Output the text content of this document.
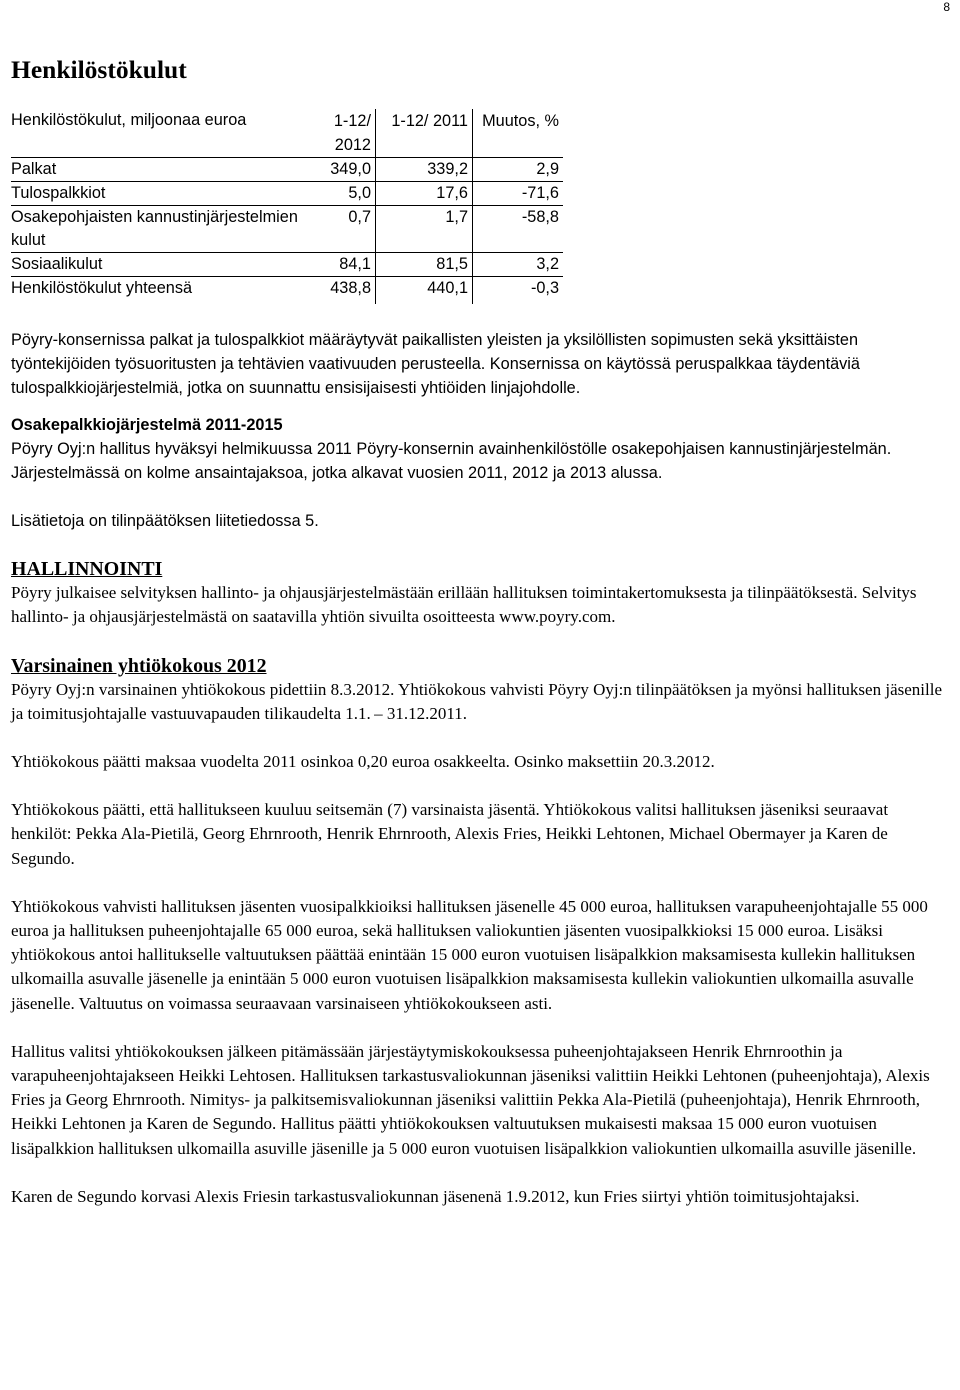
8
Henkilöstökulut
Henkilöstökulut, miljoonaa euroa	1-12/ 2012	1-12/ 2011	Muutos, %
Palkat	349,0	339,2	2,9
Tulospalkkiot	5,0	17,6	-71,6
Osakepohjaisten kannustinjärjestelmien kulut	0,7	1,7	-58,8
Sosiaalikulut	84,1	81,5	3,2
Henkilöstökulut yhteensä	438,8	440,1	-0,3

Pöyry-konsernissa palkat ja tulospalkkiot määräytyvät paikallisten yleisten ja yksilöllisten sopimusten sekä yksittäisten työntekijöiden työsuoritusten ja tehtävien vaativuuden perusteella. Konsernissa on käytössä peruspalkkaa täydentäviä tulospalkkiojärjestelmiä, jotka on suunnattu ensisijaisesti yhtiöiden linjajohdolle.

Osakepalkkiojärjestelmä 2011-2015

Pöyry Oyj:n hallitus hyväksyi helmikuussa 2011 Pöyry-konsernin avainhenkilöstölle osakepohjaisen kannustinjärjestelmän. Järjestelmässä on kolme ansaintajaksoa, jotka alkavat vuosien 2011, 2012 ja 2013 alussa.

Lisätietoja on tilinpäätöksen liitetiedossa 5.

HALLINNOINTI

Pöyry julkaisee selvityksen hallinto- ja ohjausjärjestelmästään erillään hallituksen toimintakertomuksesta ja tilinpäätöksestä. Selvitys hallinto- ja ohjausjärjestelmästä on saatavilla yhtiön sivuilta osoitteesta www.poyry.com.

Varsinainen yhtiökokous 2012

Pöyry Oyj:n varsinainen yhtiökokous pidettiin 8.3.2012. Yhtiökokous vahvisti Pöyry Oyj:n tilinpäätöksen ja myönsi hallituksen jäsenille ja toimitusjohtajalle vastuuvapauden tilikaudelta 1.1. – 31.12.2011.

Yhtiökokous päätti maksaa vuodelta 2011 osinkoa 0,20 euroa osakkeelta. Osinko maksettiin 20.3.2012.

Yhtiökokous päätti, että hallitukseen kuuluu seitsemän (7) varsinaista jäsentä. Yhtiökokous valitsi hallituksen jäseniksi seuraavat henkilöt: Pekka Ala-Pietilä, Georg Ehrnrooth, Henrik Ehrnrooth, Alexis Fries, Heikki Lehtonen, Michael Obermayer ja Karen de Segundo.

Yhtiökokous vahvisti hallituksen jäsenten vuosipalkkioiksi hallituksen jäsenelle 45 000 euroa, hallituksen varapuheenjohtajalle 55 000 euroa ja hallituksen puheenjohtajalle 65 000 euroa, sekä hallituksen valiokuntien jäsenten vuosipalkkioksi 15 000 euroa. Lisäksi yhtiökokous antoi hallitukselle valtuutuksen päättää enintään 15 000 euron vuotuisen lisäpalkkion maksamisesta kullekin hallituksen ulkomailla asuvalle jäsenelle ja enintään 5 000 euron vuotuisen lisäpalkkion maksamisesta kullekin valiokuntien ulkomailla asuvalle jäsenelle. Valtuutus on voimassa seuraavaan varsinaiseen yhtiökokoukseen asti.

Hallitus valitsi yhtiökokouksen jälkeen pitämässään järjestäytymiskokouksessa puheenjohtajakseen Henrik Ehrnroothin ja varapuheenjohtajakseen Heikki Lehtosen. Hallituksen tarkastusvaliokunnan jäseniksi valittiin Heikki Lehtonen (puheenjohtaja), Alexis Fries ja Georg Ehrnrooth. Nimitys- ja palkitsemisvaliokunnan jäseniksi valittiin Pekka Ala-Pietilä (puheenjohtaja), Henrik Ehrnrooth, Heikki Lehtonen ja Karen de Segundo. Hallitus päätti yhtiökokouksen valtuutuksen mukaisesti maksaa 15 000 euron vuotuisen lisäpalkkion hallituksen ulkomailla asuville jäsenille ja 5 000 euron vuotuisen lisäpalkkion valiokuntien ulkomailla asuville jäsenille.

Karen de Segundo korvasi Alexis Friesin tarkastusvaliokunnan jäsenenä 1.9.2012, kun Fries siirtyi yhtiön toimitusjohtajaksi.
